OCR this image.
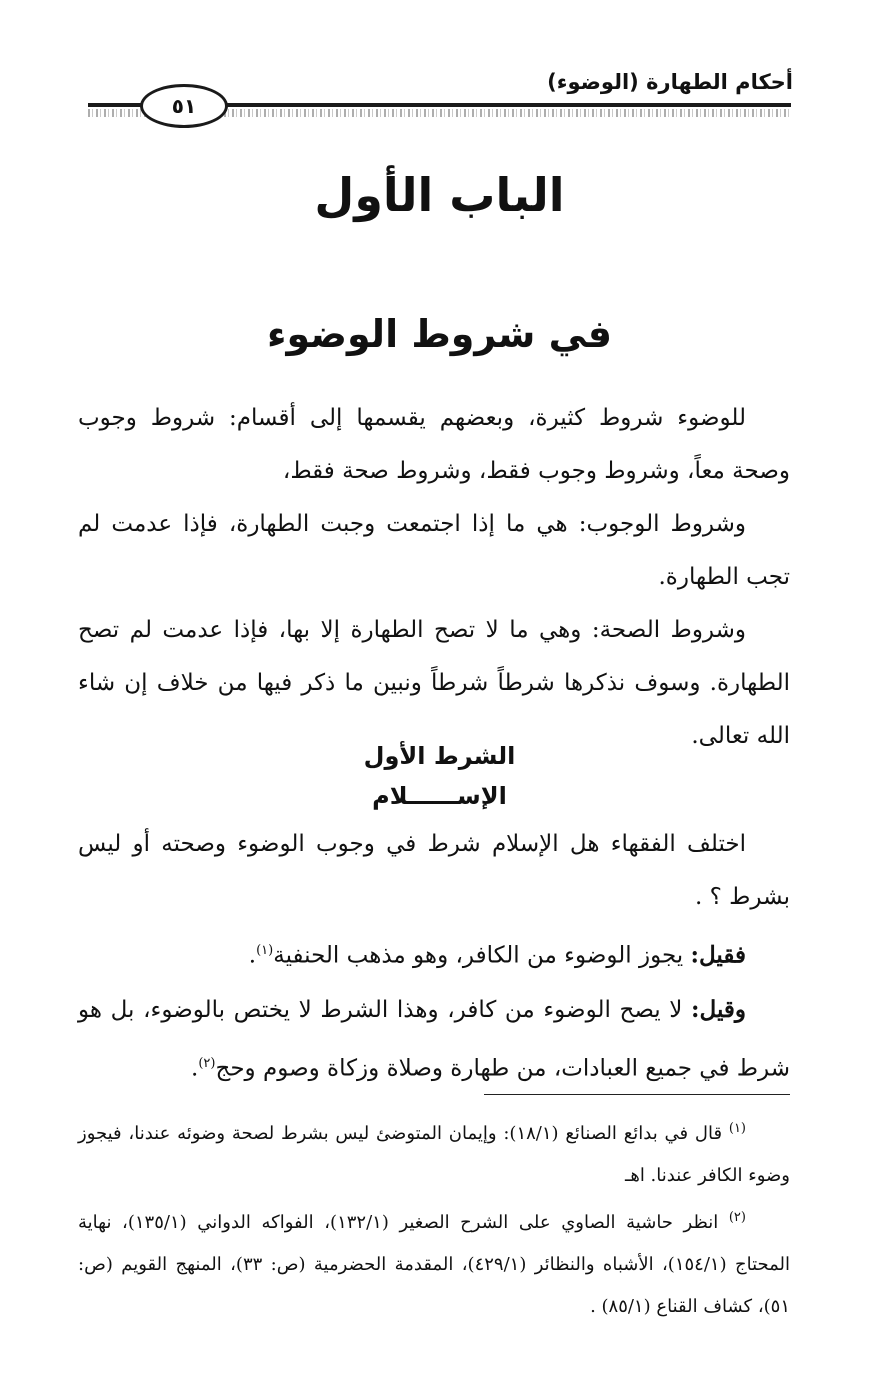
أحكام الطهارة (الوضوء)
٥١
الباب الأول
في شروط الوضوء

للوضوء شروط كثيرة، وبعضهم يقسمها إلى أقسام: شروط وجوب وصحة معاً، وشروط وجوب فقط، وشروط صحة فقط،

وشروط الوجوب: هي ما إذا اجتمعت وجبت الطهارة، فإذا عدمت لم تجب الطهارة.

وشروط الصحة: وهي ما لا تصح الطهارة إلا بها، فإذا عدمت لم تصح الطهارة. وسوف نذكرها شرطاً شرطاً ونبين ما ذكر فيها من خلاف إن شاء الله تعالى.

الشرط الأول
الإســــــلام

اختلف الفقهاء هل الإسلام شرط في وجوب الوضوء وصحته أو ليس بشرط ؟ .

فقيل: يجوز الوضوء من الكافر، وهو مذهب الحنفية$^{(١)}$.

وقيل: لا يصح الوضوء من كافر، وهذا الشرط لا يختص بالوضوء، بل هو شرط في جميع العبادات، من طهارة وصلاة وزكاة وصوم وحج$^{(٢)}$.

$^{(١)}$ قال في بدائع الصنائع (١٨/١): وإيمان المتوضئ ليس بشرط لصحة وضوئه عندنا، فيجوز وضوء الكافر عندنا. اهـ

$^{(٢)}$ انظر حاشية الصاوي على الشرح الصغير (١٣٢/١)، الفواكه الدواني (١٣٥/١)، نهاية المحتاج (١٥٤/١)، الأشباه والنظائر (٤٢٩/١)، المقدمة الحضرمية (ص: ٣٣)، المنهج القويم (ص: ٥١)، كشاف القناع (٨٥/١) .
